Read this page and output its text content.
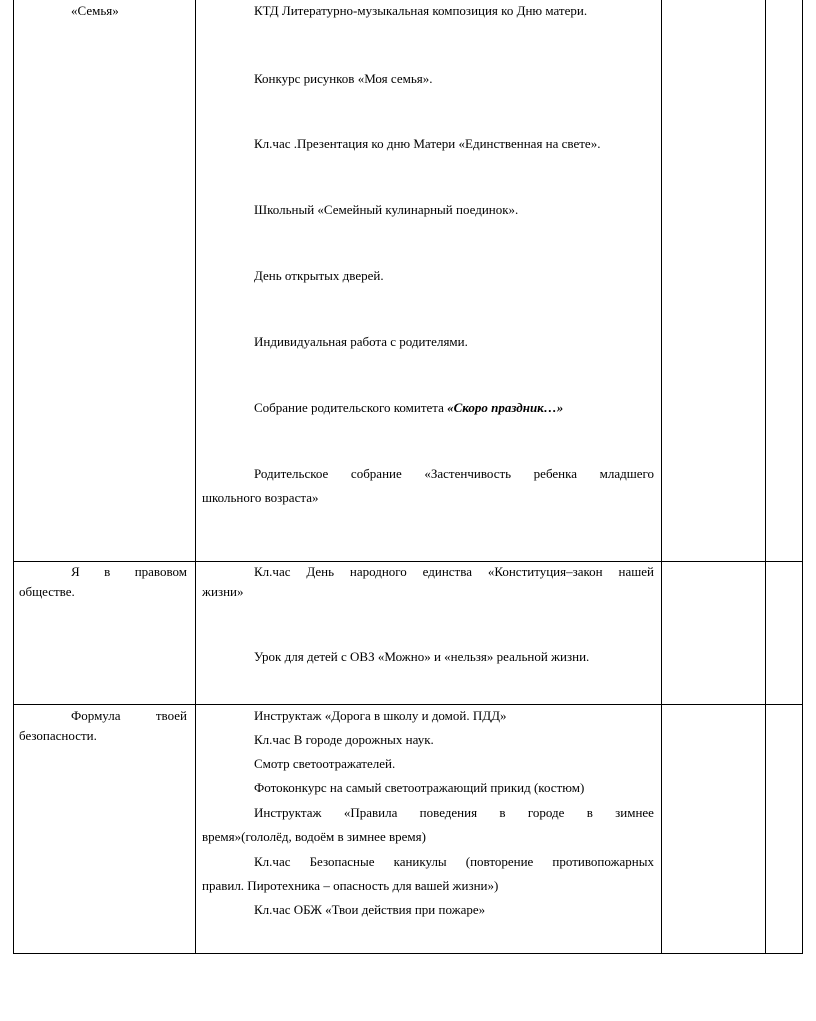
«Семья»	КТД Литературно-музыкальная композиция ко Дню матери.
Конкурс рисунков «Моя семья».
Кл.час .Презентация ко дню Матери «Единственная на свете».
Школьный «Семейный кулинарный поединок».
День открытых дверей.
Индивидуальная работа с родителями.
Собрание родительского комитета «Скоро праздник…»
Родительское собрание «Застенчивость ребенка младшего
школьного возраста»
Я в правовом
обществе.
Кл.час День народного единства «Конституция–закон нашей
жизни»
Урок для детей с ОВЗ «Можно» и «нельзя» реальной жизни.
Формула	твоей
безопасности.
Инструктаж «Дорога в школу и домой. ПДД»
Кл.час В городе дорожных наук.
Смотр светоотражателей.
Фотоконкурс на самый светоотражающий прикид (костюм)
Инструктаж «Правила поведения в городе в зимнее
время»(гололёд, водоём в зимнее время)
Кл.час Безопасные каникулы (повторение противопожарных
правил. Пиротехника – опасность для вашей жизни»)
Кл.час ОБЖ «Твои действия при пожаре»
